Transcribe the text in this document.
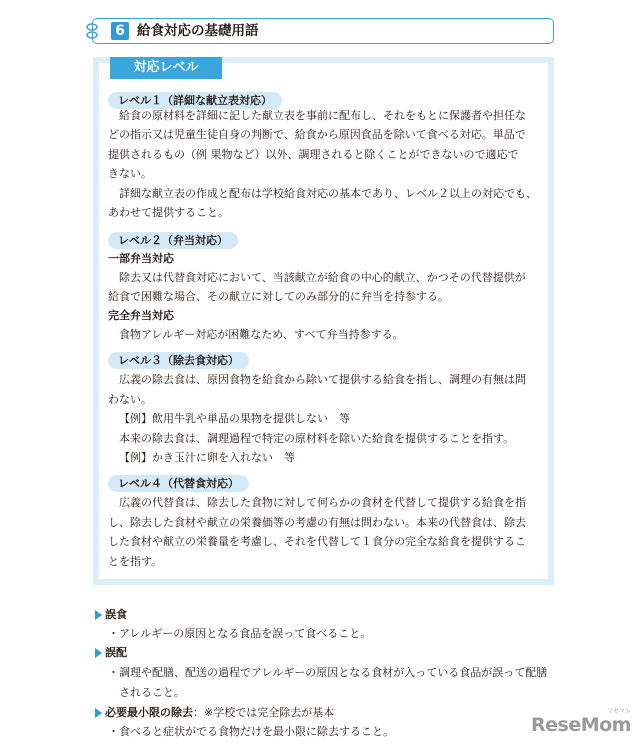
6 給食対応の基礎用語
対応レベル
レベル１（詳細な献立表対応）
給食の原材料を詳細に記した献立表を事前に配布し、それをもとに保護者や担任な
どの指示又は児童生徒自身の判断で、給食から原因食品を除いて食べる対応。単品で
提供されるもの（例 果物など）以外、調理されると除くことができないので適応で
きない。
詳細な献立表の作成と配布は学校給食対応の基本であり、レベル２以上の対応でも、
あわせて提供すること。
レベル２（弁当対応）
一部弁当対応
除去又は代替食対応において、当該献立が給食の中心的献立、かつその代替提供が
給食で困難な場合、その献立に対してのみ部分的に弁当を持参する。
完全弁当対応
食物アレルギー対応が困難なため、すべて弁当持参する。
レベル３（除去食対応）
広義の除去食は、原因食物を給食から除いて提供する給食を指し、調理の有無は問
わない。
【例】飲用牛乳や単品の果物を提供しない　等
本来の除去食は、調理過程で特定の原材料を除いた給食を提供することを指す。
【例】かき玉汁に卵を入れない　等
レベル４（代替食対応）
広義の代替食は、除去した食物に対して何らかの食材を代替して提供する給食を指
し、除去した食材や献立の栄養価等の考慮の有無は問わない。本来の代替食は、除去
した食材や献立の栄養量を考慮し、それを代替して１食分の完全な給食を提供するこ
とを指す。
誤食
・アレルギーの原因となる食品を誤って食べること。
誤配
・調理や配膳、配送の過程でアレルギーの原因となる食材が入っている食品が誤って配膳
　されること。
必要最小限の除去：※学校では完全除去が基本
・食べると症状がでる食物だけを最小限に除去すること。	ReseMom
リセマム
